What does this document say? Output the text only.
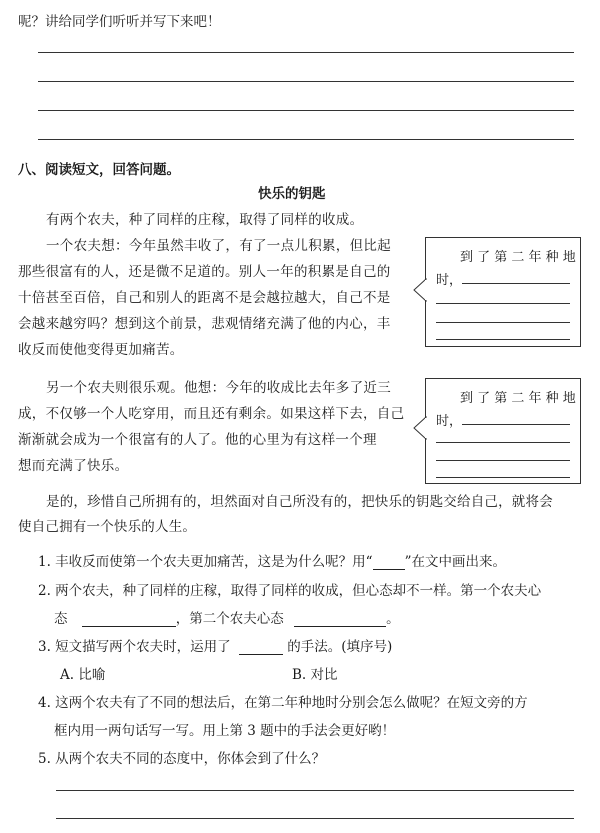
呢？讲给同学们听听并写下来吧！
八、阅读短文，回答问题。
快乐的钥匙
有两个农夫，种了同样的庄稼，取得了同样的收成。
一个农夫想：今年虽然丰收了，有了一点儿积累，但比起
那些很富有的人，还是微不足道的。别人一年的积累是自己的
十倍甚至百倍，自己和别人的距离不是会越拉越大，自己不是
会越来越穷吗？想到这个前景，悲观情绪充满了他的内心，丰
收反而使他变得更加痛苦。
另一个农夫则很乐观。他想：今年的收成比去年多了近三
成，不仅够一个人吃穿用，而且还有剩余。如果这样下去，自己
渐渐就会成为一个很富有的人了。他的心里为有这样一个理
想而充满了快乐。
到 了 第 二 年 种 地
时，
到 了 第 二 年 种 地
时，
是的，珍惜自己所拥有的，坦然面对自己所没有的，把快乐的钥匙交给自己，就将会
使自己拥有一个快乐的人生。
1. 丰收反而使第一个农夫更加痛苦，这是为什么呢？用“ ”在文中画出来。
2. 两个农夫，种了同样的庄稼，取得了同样的收成，但心态却不一样。第一个农夫心
态	，第二个农夫心态	。
3. 短文描写两个农夫时，运用了	的手法。(填序号)
A. 比喻	B. 对比
4. 这两个农夫有了不同的想法后，在第二年种地时分别会怎么做呢？在短文旁的方
框内用一两句话写一写。用上第 3 题中的手法会更好哟！
5. 从两个农夫不同的态度中，你体会到了什么？
